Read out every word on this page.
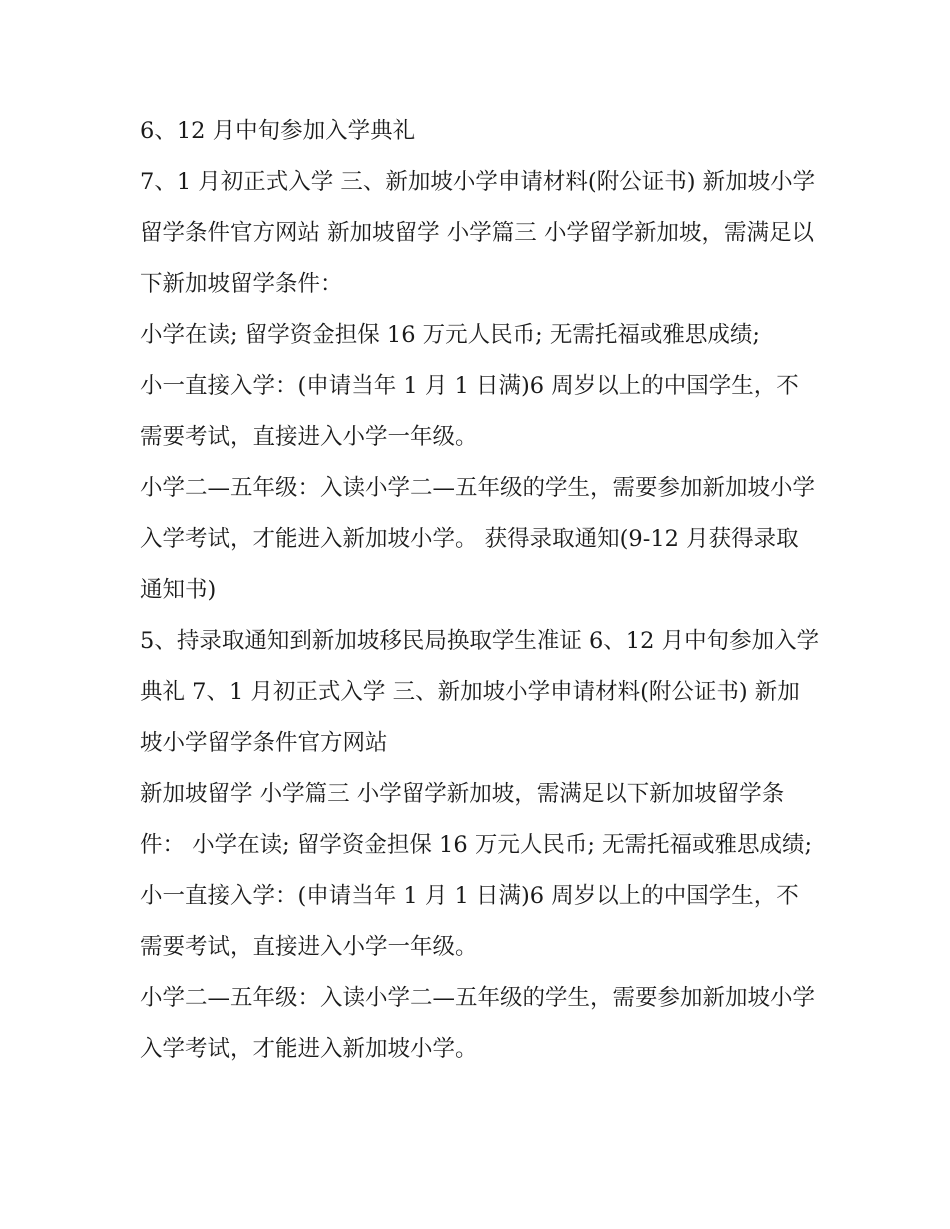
6、12 月中旬参加入学典礼

7、1 月初正式入学 三、新加坡小学申请材料(附公证书) 新加坡小学留学条件官方网站 新加坡留学 小学篇三 小学留学新加坡，需满足以下新加坡留学条件：

小学在读; 留学资金担保 16 万元人民币; 无需托福或雅思成绩;

小一直接入学：(申请当年 1 月 1 日满)6 周岁以上的中国学生，不需要考试，直接进入小学一年级。

小学二—五年级：入读小学二—五年级的学生，需要参加新加坡小学入学考试，才能进入新加坡小学。 获得录取通知(9-12 月获得录取通知书)

5、持录取通知到新加坡移民局换取学生准证 6、12 月中旬参加入学典礼 7、1 月初正式入学 三、新加坡小学申请材料(附公证书) 新加坡小学留学条件官方网站

新加坡留学 小学篇三 小学留学新加坡，需满足以下新加坡留学条件： 小学在读; 留学资金担保 16 万元人民币; 无需托福或雅思成绩;

小一直接入学：(申请当年 1 月 1 日满)6 周岁以上的中国学生，不需要考试，直接进入小学一年级。

小学二—五年级：入读小学二—五年级的学生，需要参加新加坡小学入学考试，才能进入新加坡小学。
